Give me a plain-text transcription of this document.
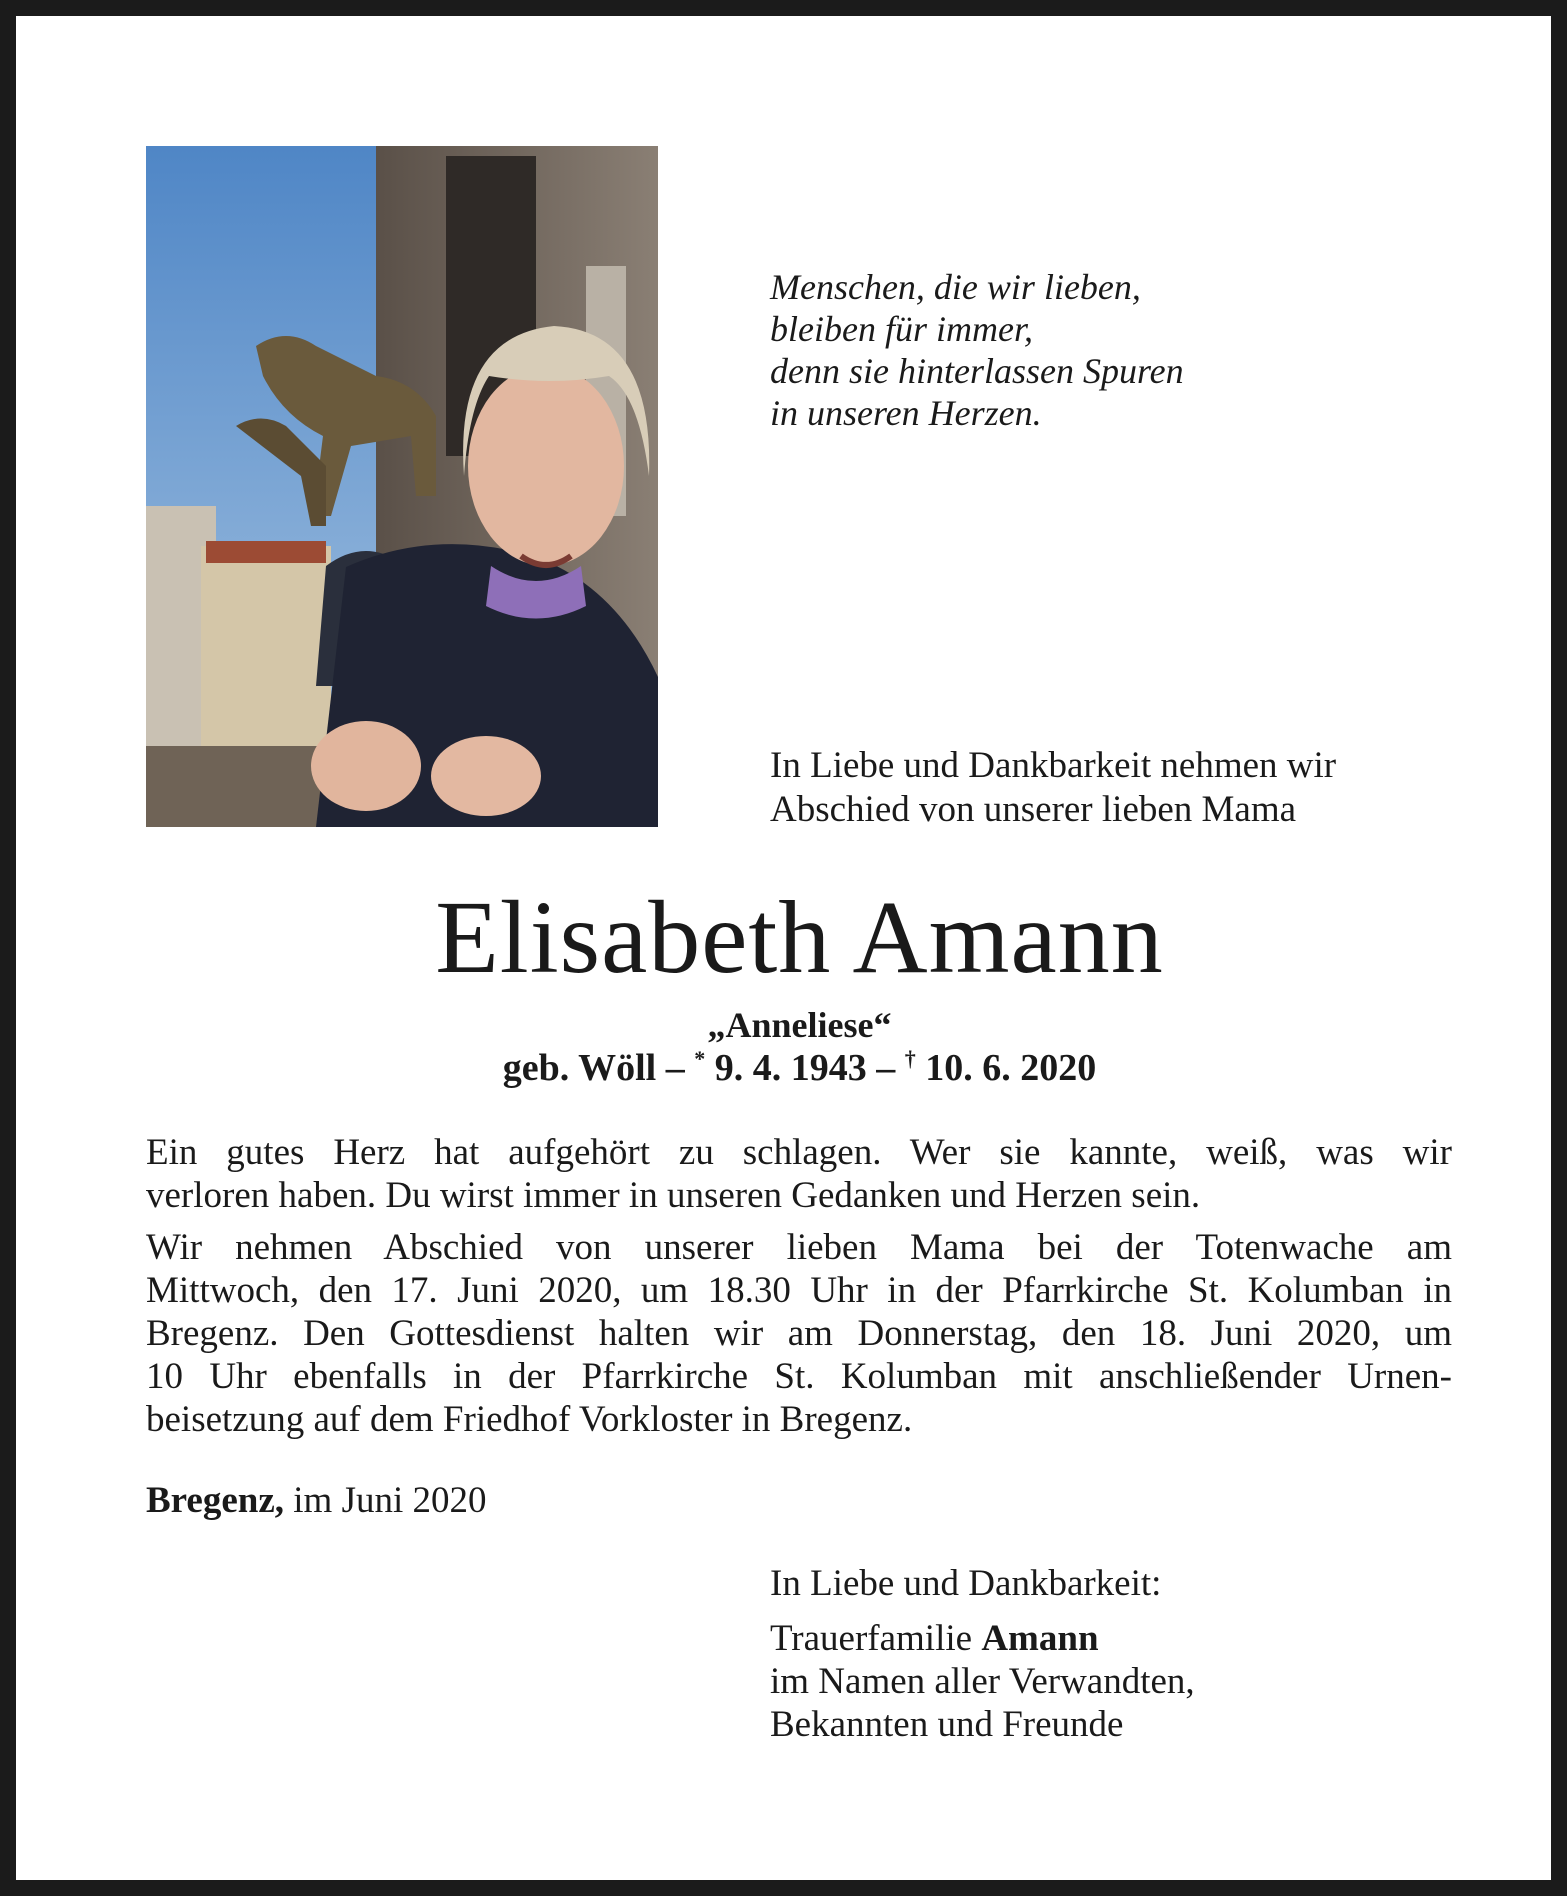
Menschen, die wir lieben,
bleiben für immer,
denn sie hinterlassen Spuren
in unseren Herzen.
In Liebe und Dankbarkeit nehmen wir
Abschied von unserer lieben Mama
Elisabeth Amann
„Anneliese“
geb. Wöll – * 9. 4. 1943 – † 10. 6. 2020
Ein gutes Herz hat aufgehört zu schlagen. Wer sie kannte, weiß, was wir
verloren haben. Du wirst immer in unseren Gedanken und Herzen sein.
Wir nehmen Abschied von unserer lieben Mama bei der Totenwache am
Mittwoch, den 17. Juni 2020, um 18.30 Uhr in der Pfarrkirche St. Kolumban in
Bregenz. Den Gottesdienst halten wir am Donnerstag, den 18. Juni 2020, um
10 Uhr ebenfalls in der Pfarrkirche St. Kolumban mit anschließender Urnen-
beisetzung auf dem Friedhof Vorkloster in Bregenz.
Bregenz, im Juni 2020
In Liebe und Dankbarkeit:
Trauerfamilie Amann
im Namen aller Verwandten,
Bekannten und Freunde
